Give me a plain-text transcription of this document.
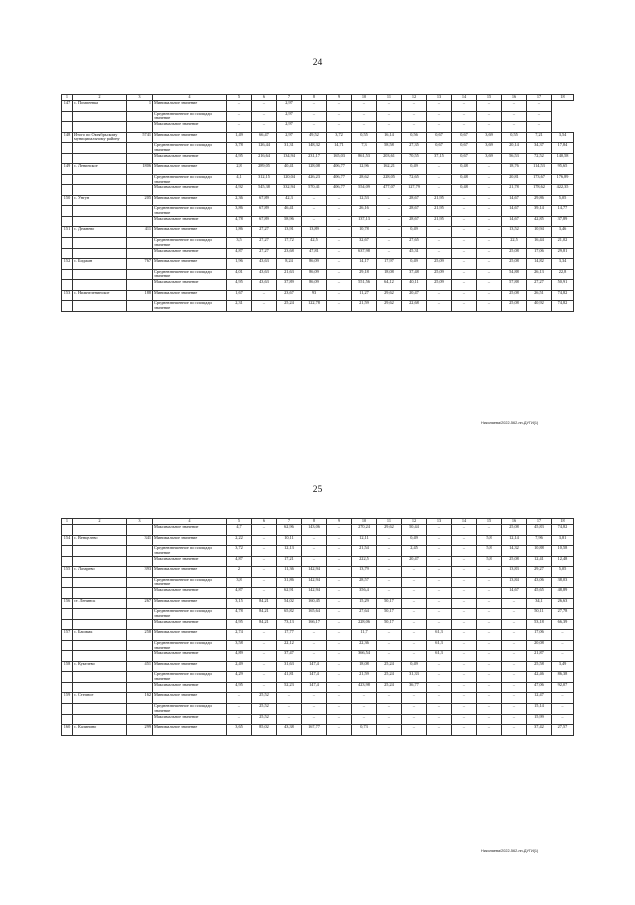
24
1	2	3	4	5	6	7	8	9	10	11	12	13	14	15	16	17	18
147	с. Помпеевка	1	Минимальное значение	–	–	2,97	–	–	–	–	–	–	–	–	–	–	
			Средневзвешенное по площади значение	–	–	2,97	–	–	–	–	–	–	–	–	–	–	
			Максимальное значение	–	–	2,97	–	–	–	–	–	–	–	–	–	–	
148	Итого по Октябрьскому муниципальному району	5741	Минимальное значение	1,49	66,47	2,97	49,52	3,72	0,55	16,14	0,56	0,67	0,67	3,69	0,55	7,21	3,54
			Средневзвешенное по площади значение	3,78	126,44	31,31	148,32	14,71	7,3	58,58	27,35	0,67	0,67	3,69	20,14	34,37	17,84
			Максимальное значение	4,95	216,64	134,94	231,17	165,03	861,53	203,61	70,55	37,15	0,67	3,69	56,53	72,52	140,58
149	с. Ленинское	1806	Минимальное значение	2,8	289,05	40,41	128,08	406,77	12,96	162,21	0,49	–	0,48	–	18,76	114,53	95,65
			Средневзвешенное по площади значение	4,1	312,15	120,04	426,23	406,77	28,62	228,05	72,65	–	0,48	–	20,81	173,67	176,89
			Максимальное значение	4,92	545,38	332,94	570,41	406,77	554,09	477,07	127,79	–	0,48	–	21,78	178,62	422,35
150	с. Унгун	205	Минимальное значение	2,36	67,89	42,3	–	–	12,53	–	28,67	21,95	–	–	14,67	29,86	5,05
			Средневзвешенное по площади значение	3,86	67,89	46,41	–	–	26,16	–	28,67	21,95	–	–	14,67	39,14	14,77
			Максимальное значение	4,78	67,89	58,96	–	–	137,13	–	28,67	21,95	–	–	14,67	42,85	37,89
151	с. Дежнево	411	Минимальное значение	1,86	27,27	13,91	13,89	–	10,78	–	0,49	–	–	–	13,52	10,94	3,46
			Средневзвешенное по площади значение	3,5	27,27	17,72	42,5	–	32,67	–	27,65	–	–	–	22,5	16,44	21,02
			Максимальное значение	4,87	27,27	23,68	47,81	–	637,98	–	45,31	–	–	–	25,08	17,06	29,81
152	с. Биджан	767	Минимальное значение	1,96	43,63	8,24	86,09	–	14,17	17,97	0,49	25,09	–	–	25,08	14,82	3,34
			Средневзвешенное по площади значение	4,01	43,63	21,63	86,09	–	29,18	18,08	37,48	25,09	–	–	54,88	26,13	22,8
			Максимальное значение	4,95	43,63	37,89	86,09	–	551,56	64,12	40,11	25,09	–	–	57,88	27,27	50,91
153	с. Нижнеленинское	188	Минимальное значение	1,67	–	23,67	93	–	11,27	29,62	20,47	–	–	–	25,08	26,51	74,82
			Средневзвешенное по площади значение	2,31	–	25,24	122,78	–	21,59	29,62	22,68	–	–	–	25,08	40,92	74,82
Николаева/2022-562-пп-ДУГИ(1)
25
1	2	3	4	5	6	7	8	9	10	11	12	13	14	15	16	17	18
			Максимальное значение	4,7	–	62,96	143,06	–	270,24	29,62	50,44	–	–	–	25,08	45,83	74,82
154	с. Венцелево	341	Минимальное значение	2,22	–	10,11	–	–	12,11	–	0,49	–	–	5,8	12,14	7,96	3,81
			Средневзвешенное по площади значение	3,72	–	12,13	–	–	21,54	–	2,45	–	–	5,8	14,32	10,88	10,58
			Максимальное значение	4,87	–	17,21	–	–	222,5	–	20,47	–	–	5,8	25,08	12,41	12,48
155	с. Лазарево	393	Минимальное значение	2	–	11,36	142,94	–	13,79	–	–	–	–	–	13,83	29,27	5,05
			Средневзвешенное по площади значение	3,8	–	31,86	142,94	–	28,57	–	–	–	–	–	13,84	43,06	38,03
			Максимальное значение	4,87	–	62,91	142,94	–	356,4	–	–	–	–	–	14,67	45,65	48,89
156	ст. Ленинск	267	Минимальное значение	3,15	84,21	54,02	160,45	–	15,29	50,17	–	–	–	–	–	34,1	26,63
			Средневзвешенное по площади значение	4,78	84,21	65,82	165,64	–	27,64	50,17	–	–	–	–	–	50,11	27,78
			Максимальное значение	4,95	84,21	73,13	166,17	–	228,06	50,17	–	–	–	–	–	53,18	66,39
157	с. Башмак	258	Минимальное значение	2,74	–	17,77	–	–	11,7	–	–	61,3	–	–	–	17,06	–
			Средневзвешенное по площади значение	3,58	–	22,12	–	–	22,36	–	–	61,3	–	–	–	20,08	–
			Максимальное значение	4,89	–	37,47	–	–	366,54	–	–	61,3	–	–	–	21,87	–
158	с. Кукелево	451	Минимальное значение	2,49	–	31,63	147,4	–	18,08	25,24	0,49	–	–	–	–	25,58	3,49
			Средневзвешенное по площади значение	4,29	–	41,81	147,4	–	21,59	25,24	31,33	–	–	–	–	42,46	86,38
			Максимальное значение	4,95	–	52,23	147,4	–	423,98	25,24	36,77	–	–	–	–	47,06	92,07
159	с. Степное	162	Минимальное значение	–	25,52	–	–	–	–	–	–	–	–	–	–	12,47	–
			Средневзвешенное по площади значение	–	25,52	–	–	–	–	–	–	–	–	–	–	15,14	–
			Максимальное значение	–	25,52	–	–	–	–	–	–	–	–	–	–	15,99	–
160	с. Калинино	299	Минимальное значение	3,65	85,02	43,38	167,77	–	0,73	–	–	–	–	–	–	37,42	27,57
Николаева/2022-562-пп-ДУГИ(1)
